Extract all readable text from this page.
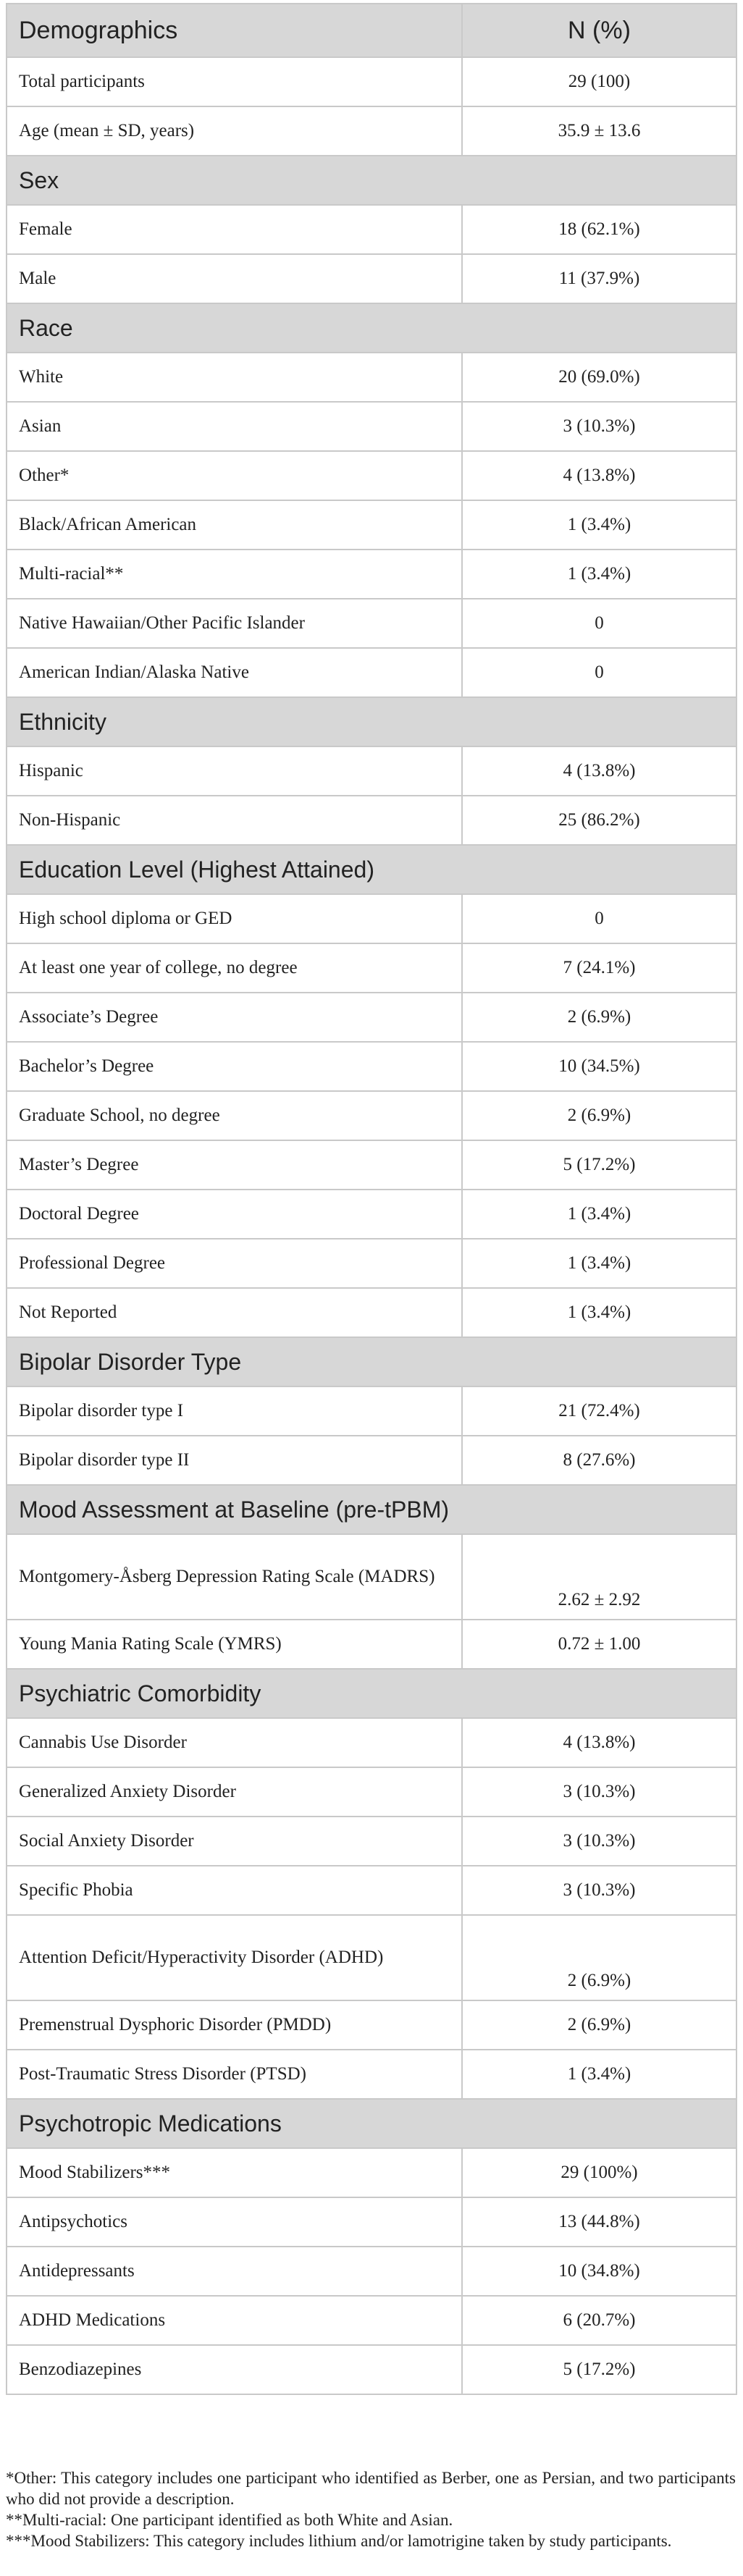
Demographics	N (%)
Total participants	29 (100)
Age (mean ± SD, years)	35.9 ± 13.6
Sex	
Female	18 (62.1%)
Male	11 (37.9%)
Race	
White	20 (69.0%)
Asian	3 (10.3%)
Other*	4 (13.8%)
Black/African American	1 (3.4%)
Multi-racial**	1 (3.4%)
Native Hawaiian/Other Pacific Islander	0
American Indian/Alaska Native	0
Ethnicity	
Hispanic	4 (13.8%)
Non-Hispanic	25 (86.2%)
Education Level (Highest Attained)	
High school diploma or GED	0
At least one year of college, no degree	7 (24.1%)
Associate’s Degree	2 (6.9%)
Bachelor’s Degree	10 (34.5%)
Graduate School, no degree	2 (6.9%)
Master’s Degree	5 (17.2%)
Doctoral Degree	1 (3.4%)
Professional Degree	1 (3.4%)
Not Reported	1 (3.4%)
Bipolar Disorder Type	
Bipolar disorder type I	21 (72.4%)
Bipolar disorder type II	8 (27.6%)
Mood Assessment at Baseline (pre-tPBM)	
Montgomery-Åsberg Depression Rating Scale (MADRS)	2.62 ± 2.92
Young Mania Rating Scale (YMRS)	0.72 ± 1.00
Psychiatric Comorbidity	
Cannabis Use Disorder	4 (13.8%)
Generalized Anxiety Disorder	3 (10.3%)
Social Anxiety Disorder	3 (10.3%)
Specific Phobia	3 (10.3%)
Attention Deficit/Hyperactivity Disorder (ADHD)	2 (6.9%)
Premenstrual Dysphoric Disorder (PMDD)	2 (6.9%)
Post-Traumatic Stress Disorder (PTSD)	1 (3.4%)
Psychotropic Medications	
Mood Stabilizers***	29 (100%)
Antipsychotics	13 (44.8%)
Antidepressants	10 (34.8%)
ADHD Medications	6 (20.7%)
Benzodiazepines	5 (17.2%)

*Other: This category includes one participant who identified as Berber, one as Persian, and two participants who did not provide a description.

**Multi-racial: One participant identified as both White and Asian.

***Mood Stabilizers: This category includes lithium and/or lamotrigine taken by study participants.
